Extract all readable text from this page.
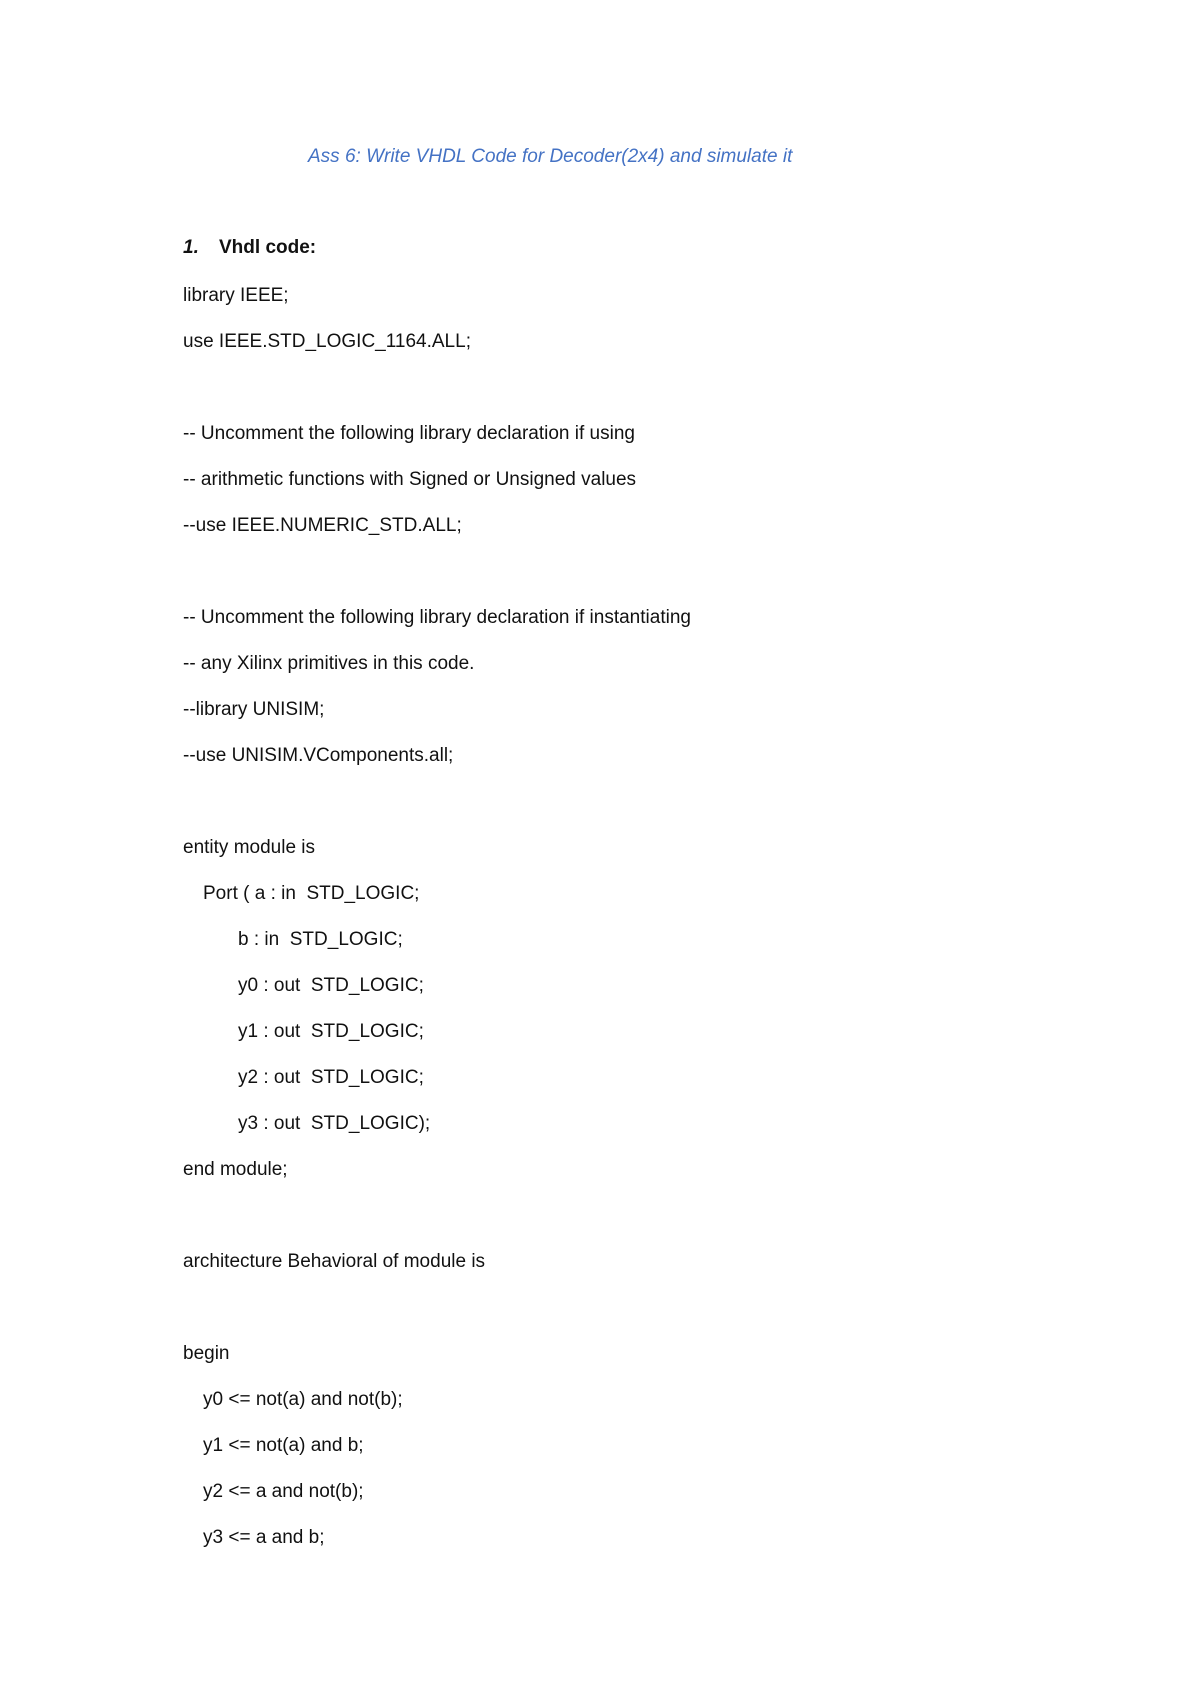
Ass 6: Write VHDL Code for Decoder(2x4) and simulate it
1. Vhdl code:
library IEEE;
use IEEE.STD_LOGIC_1164.ALL;
-- Uncomment the following library declaration if using
-- arithmetic functions with Signed or Unsigned values
--use IEEE.NUMERIC_STD.ALL;
-- Uncomment the following library declaration if instantiating
-- any Xilinx primitives in this code.
--library UNISIM;
--use UNISIM.VComponents.all;
entity module is
Port ( a : in  STD_LOGIC;
b : in  STD_LOGIC;
y0 : out  STD_LOGIC;
y1 : out  STD_LOGIC;
y2 : out  STD_LOGIC;
y3 : out  STD_LOGIC);
end module;
architecture Behavioral of module is
begin
y0 <= not(a) and not(b);
y1 <= not(a) and b;
y2 <= a and not(b);
y3 <= a and b;
